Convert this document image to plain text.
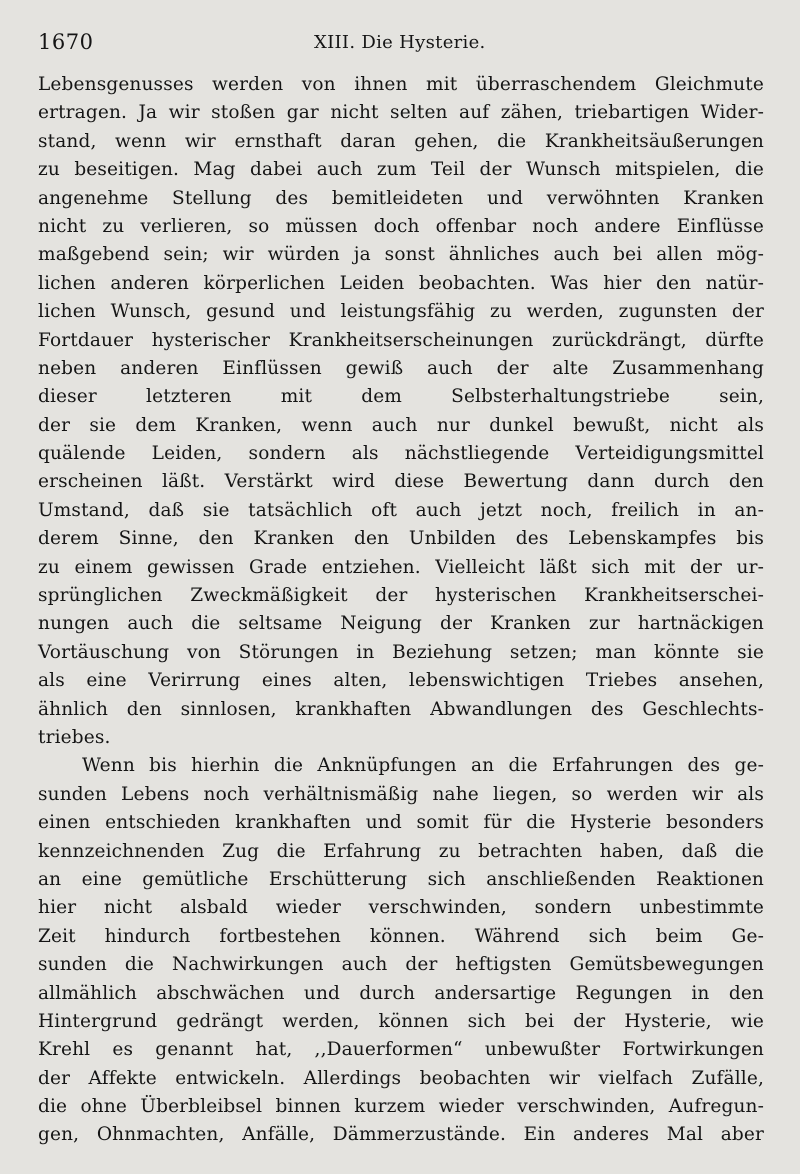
1670	XIII. Die Hysterie.
Lebensgenusses werden von ihnen mit überraschendem Gleichmute
ertragen. Ja wir stoßen gar nicht selten auf zähen, triebartigen Wider-
stand, wenn wir ernsthaft daran gehen, die Krankheitsäußerungen
zu beseitigen. Mag dabei auch zum Teil der Wunsch mitspielen, die
angenehme Stellung des bemitleideten und verwöhnten Kranken
nicht zu verlieren, so müssen doch offenbar noch andere Einflüsse
maßgebend sein; wir würden ja sonst ähnliches auch bei allen mög-
lichen anderen körperlichen Leiden beobachten. Was hier den natür-
lichen Wunsch, gesund und leistungsfähig zu werden, zugunsten der
Fortdauer hysterischer Krankheitserscheinungen zurückdrängt, dürfte
neben anderen Einflüssen gewiß auch der alte Zusammenhang
dieser letzteren mit dem Selbsterhaltungstriebe sein,
der sie dem Kranken, wenn auch nur dunkel bewußt, nicht als
quälende Leiden, sondern als nächstliegende Verteidigungsmittel
erscheinen läßt. Verstärkt wird diese Bewertung dann durch den
Umstand, daß sie tatsächlich oft auch jetzt noch, freilich in an-
derem Sinne, den Kranken den Unbilden des Lebenskampfes bis
zu einem gewissen Grade entziehen. Vielleicht läßt sich mit der ur-
sprünglichen Zweckmäßigkeit der hysterischen Krankheitserschei-
nungen auch die seltsame Neigung der Kranken zur hartnäckigen
Vortäuschung von Störungen in Beziehung setzen; man könnte sie
als eine Verirrung eines alten, lebenswichtigen Triebes ansehen,
ähnlich den sinnlosen, krankhaften Abwandlungen des Geschlechts-
triebes.
Wenn bis hierhin die Anknüpfungen an die Erfahrungen des ge-
sunden Lebens noch verhältnismäßig nahe liegen, so werden wir als
einen entschieden krankhaften und somit für die Hysterie besonders
kennzeichnenden Zug die Erfahrung zu betrachten haben, daß die
an eine gemütliche Erschütterung sich anschließenden Reaktionen
hier nicht alsbald wieder verschwinden, sondern unbestimmte
Zeit hindurch fortbestehen können. Während sich beim Ge-
sunden die Nachwirkungen auch der heftigsten Gemütsbewegungen
allmählich abschwächen und durch andersartige Regungen in den
Hintergrund gedrängt werden, können sich bei der Hysterie, wie
Krehl es genannt hat, ,,Dauerformen“ unbewußter Fortwirkungen
der Affekte entwickeln. Allerdings beobachten wir vielfach Zufälle,
die ohne Überbleibsel binnen kurzem wieder verschwinden, Aufregun-
gen, Ohnmachten, Anfälle, Dämmerzustände. Ein anderes Mal aber
